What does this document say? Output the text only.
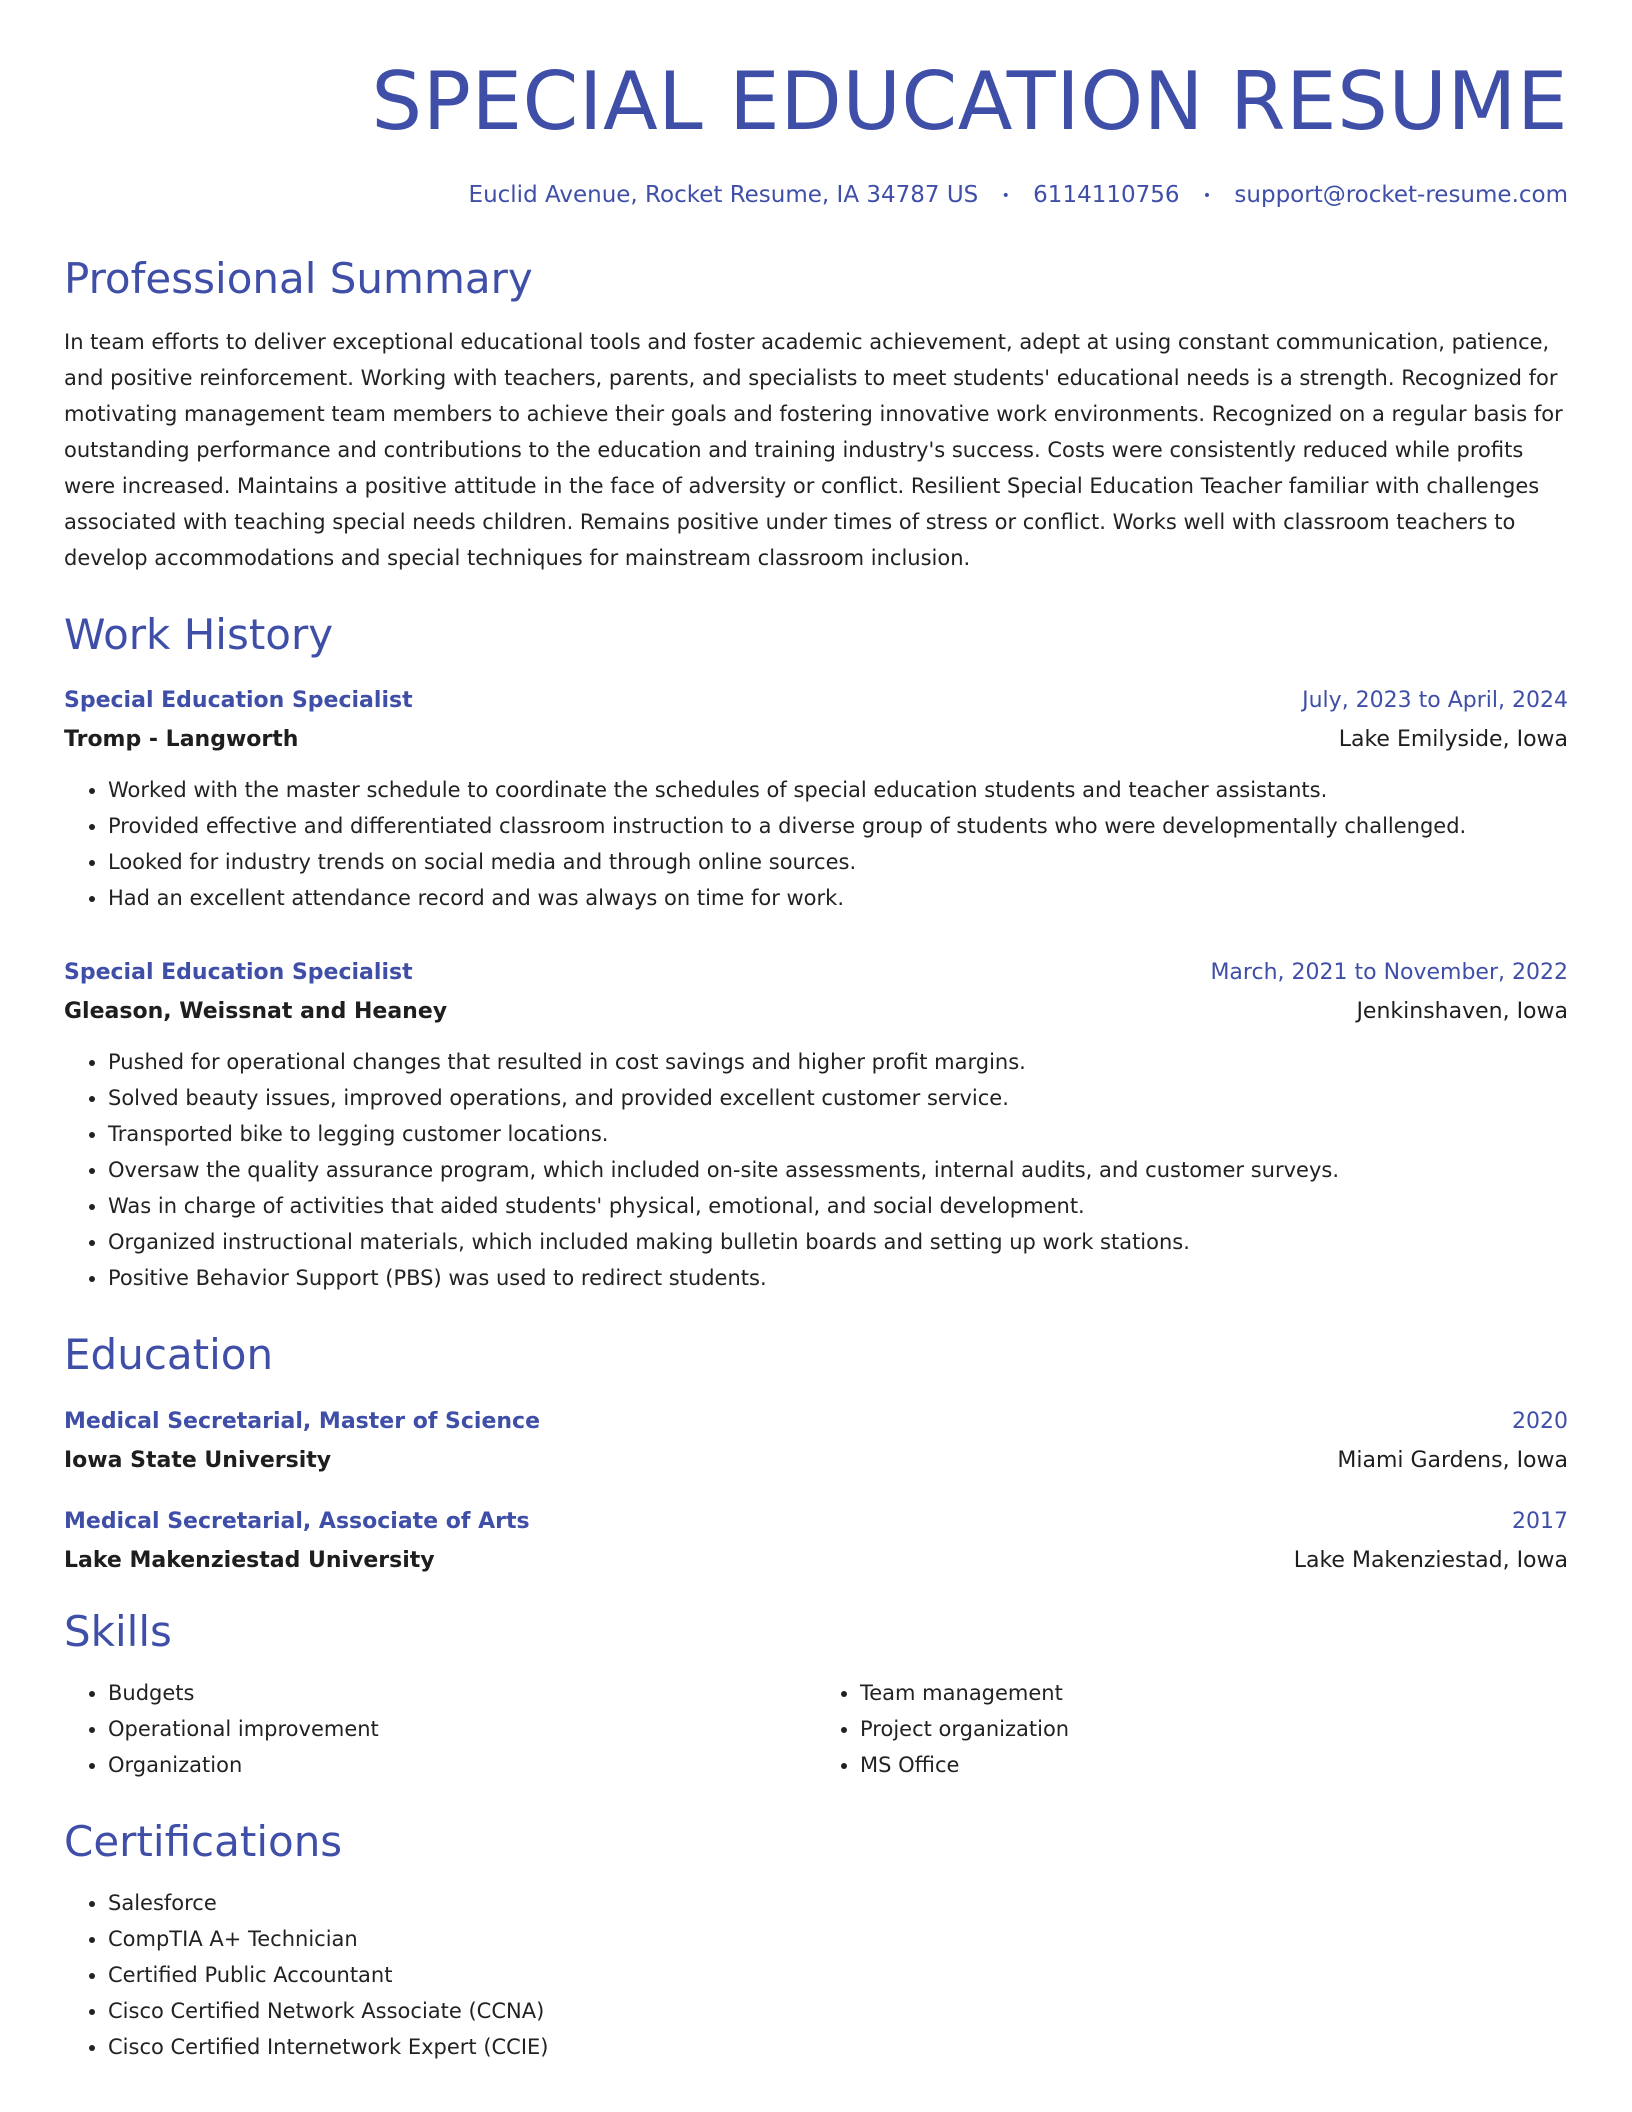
SPECIAL EDUCATION RESUME
Euclid Avenue, Rocket Resume, IA 34787 US • 6114110756 • support@rocket-resume.com
Professional Summary

In team efforts to deliver exceptional educational tools and foster academic achievement, adept at using constant communication, patience, and positive reinforcement. Working with teachers, parents, and specialists to meet students' educational needs is a strength. Recognized for motivating management team members to achieve their goals and fostering innovative work environments. Recognized on a regular basis for outstanding performance and contributions to the education and training industry's success. Costs were consistently reduced while profits were increased. Maintains a positive attitude in the face of adversity or conflict. Resilient Special Education Teacher familiar with challenges associated with teaching special needs children. Remains positive under times of stress or conflict. Works well with classroom teachers to develop accommodations and special techniques for mainstream classroom inclusion.

Work History
Special Education Specialist	July, 2023 to April, 2024
Tromp - Langworth	Lake Emilyside, Iowa
• Worked with the master schedule to coordinate the schedules of special education students and teacher assistants.
• Provided effective and differentiated classroom instruction to a diverse group of students who were developmentally challenged.
• Looked for industry trends on social media and through online sources.
• Had an excellent attendance record and was always on time for work.
Special Education Specialist	March, 2021 to November, 2022
Gleason, Weissnat and Heaney	Jenkinshaven, Iowa
• Pushed for operational changes that resulted in cost savings and higher profit margins.
• Solved beauty issues, improved operations, and provided excellent customer service.
• Transported bike to legging customer locations.
• Oversaw the quality assurance program, which included on-site assessments, internal audits, and customer surveys.
• Was in charge of activities that aided students' physical, emotional, and social development.
• Organized instructional materials, which included making bulletin boards and setting up work stations.
• Positive Behavior Support (PBS) was used to redirect students.
Education
Medical Secretarial, Master of Science	2020
Iowa State University	Miami Gardens, Iowa
Medical Secretarial, Associate of Arts	2017
Lake Makenziestad University	Lake Makenziestad, Iowa
Skills
• Budgets
• Operational improvement
• Organization
• Team management
• Project organization
• MS Office
Certifications
• Salesforce
• CompTIA A+ Technician
• Certified Public Accountant
• Cisco Certified Network Associate (CCNA)
• Cisco Certified Internetwork Expert (CCIE)
